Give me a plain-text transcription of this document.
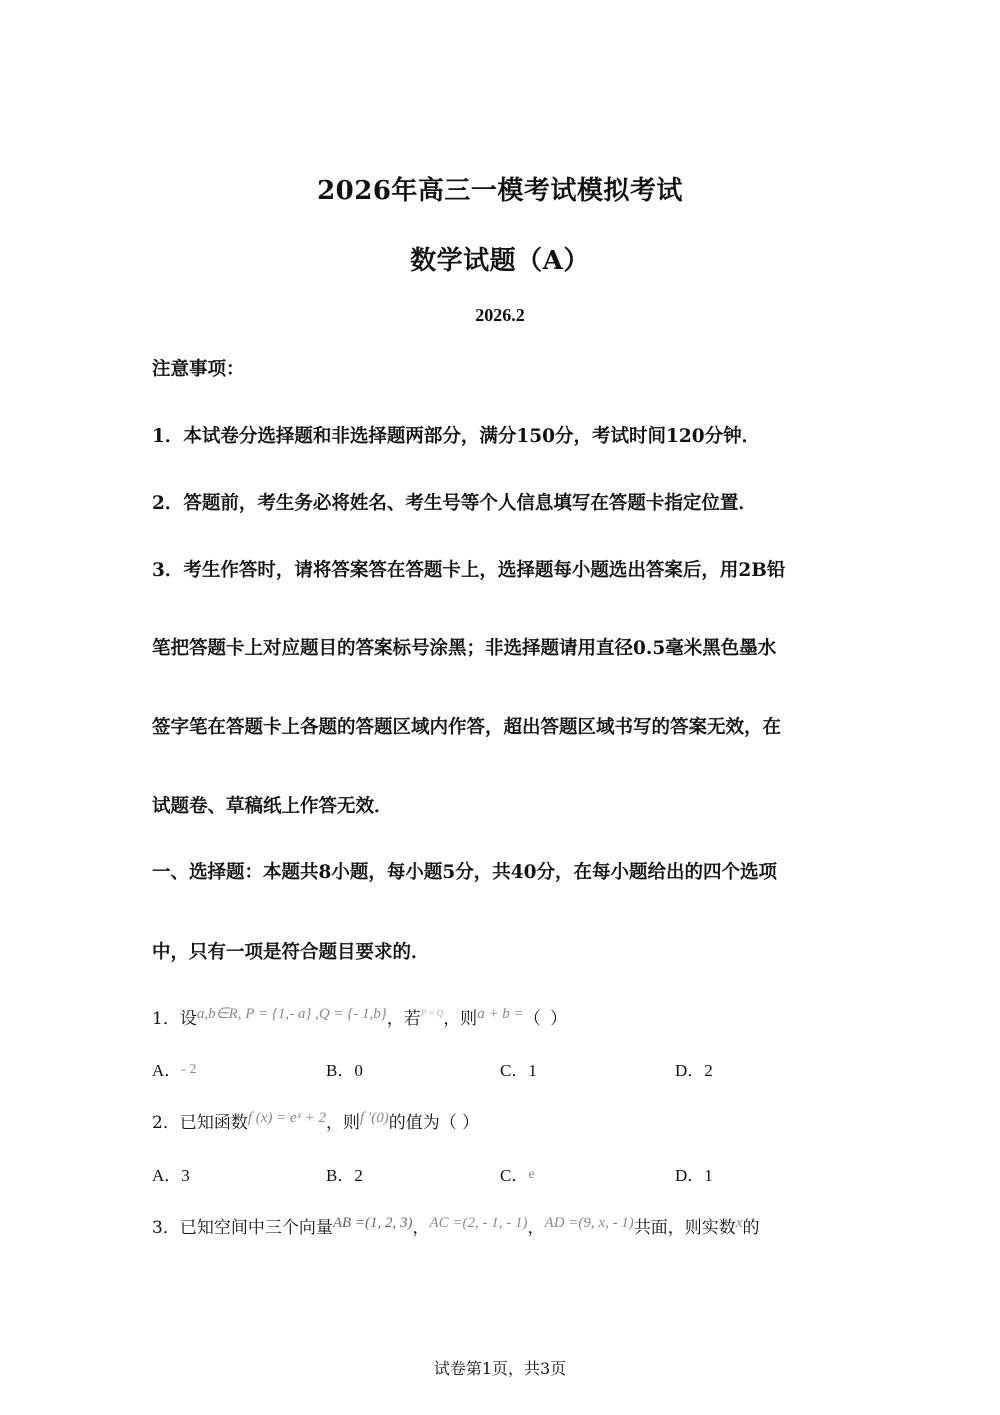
2026年高三一模考试模拟考试
数学试题（A）
2026.2
注意事项：
1．本试卷分选择题和非选择题两部分，满分150分，考试时间120分钟．
2．答题前，考生务必将姓名、考生号等个人信息填写在答题卡指定位置．
3．考生作答时，请将答案答在答题卡上，选择题每小题选出答案后，用2B铅
笔把答题卡上对应题目的答案标号涂黑；非选择题请用直径0.5毫米黑色墨水
签字笔在答题卡上各题的答题区域内作答，超出答题区域书写的答案无效，在
试题卷、草稿纸上作答无效．
一、选择题：本题共8小题，每小题5分，共40分，在每小题给出的四个选项
中，只有一项是符合题目要求的．
1．设a,b∈R, P = {1,- a} ,Q = {- 1,b}，若$^{P = Q}$，则a + b =（ ）
A．- 2	B．0	C．1	D．2
2．已知函数f (x) = eˣ + 2，则f ′(0)的值为（ ）
A．3	B．2	C．e	D．1
3．已知空间中三个向量AB =(1, 2, 3)，AC =(2, - 1, - 1)，AD =(9, x, - 1)共面，则实数x的
试卷第1页，共3页
